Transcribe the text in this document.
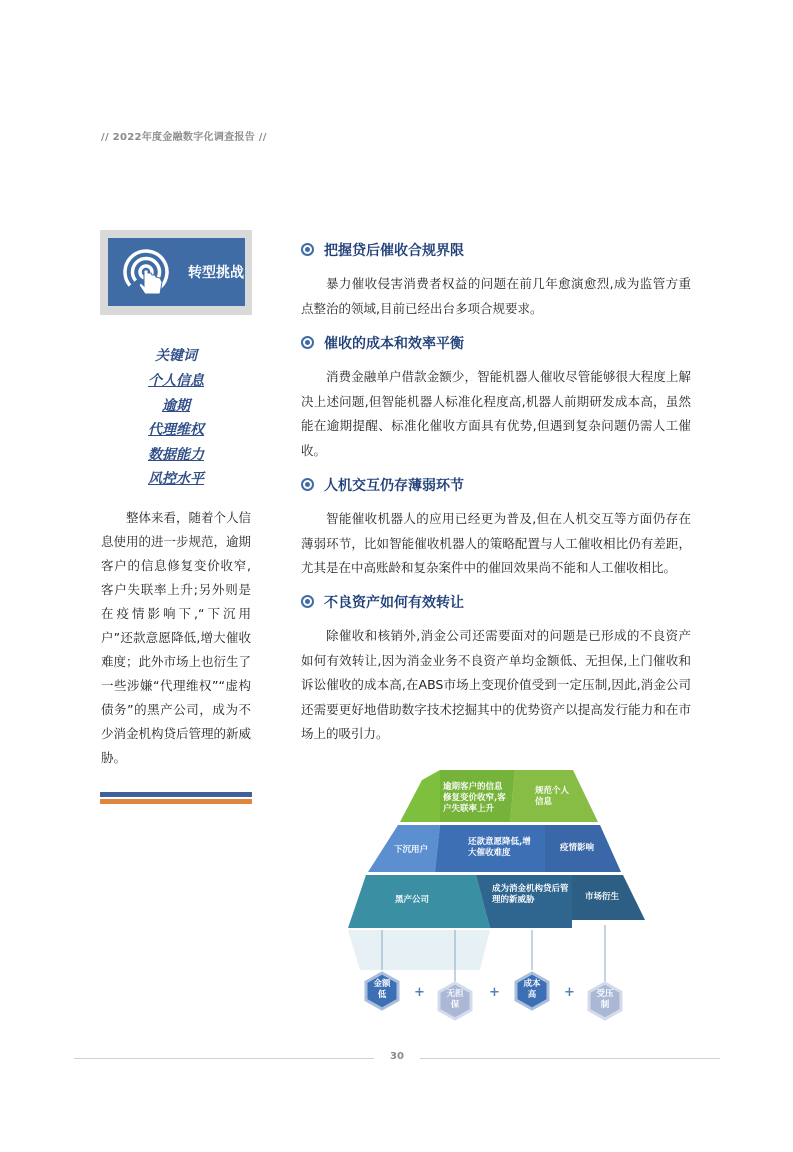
// 2022年度金融数字化调查报告 //
转型挑战
关键词
个人信息
逾期
代理维权
数据能力
风控水平
整体来看，随着个人信息使用的进一步规范，逾期客户的信息修复变价收窄,客户失联率上升;另外则是在疫情影响下,“下沉用户”还款意愿降低,增大催收难度；此外市场上也衍生了一些涉嫌“代理维权”“虚构债务”的黑产公司，成为不少消金机构贷后管理的新威胁。
把握贷后催收合规界限
暴力催收侵害消费者权益的问题在前几年愈演愈烈,成为监管方重点整治的领域,目前已经出台多项合规要求。
催收的成本和效率平衡
消费金融单户借款金额少，智能机器人催收尽管能够很大程度上解决上述问题,但智能机器人标准化程度高,机器人前期研发成本高，虽然能在逾期提醒、标准化催收方面具有优势,但遇到复杂问题仍需人工催收。
人机交互仍存薄弱环节
智能催收机器人的应用已经更为普及,但在人机交互等方面仍存在薄弱环节，比如智能催收机器人的策略配置与人工催收相比仍有差距，尤其是在中高账龄和复杂案件中的催回效果尚不能和人工催收相比。
不良资产如何有效转让
除催收和核销外,消金公司还需要面对的问题是已形成的不良资产如何有效转让,因为消金业务不良资产单均金额低、无担保,上门催收和诉讼催收的成本高,在ABS市场上变现价值受到一定压制,因此,消金公司还需要更好地借助数字技术挖掘其中的优势资产以提高发行能力和在市场上的吸引力。
逾期客户的信息修复变价收窄,客户失联率上升
规范个人信息
下沉用户
还款意愿降低,增大催收难度	疫情影响
黑产公司
成为消金机构贷后管理的新威胁	市场衍生
金额低	无担保
成本高	受压制
+	+	+
30
